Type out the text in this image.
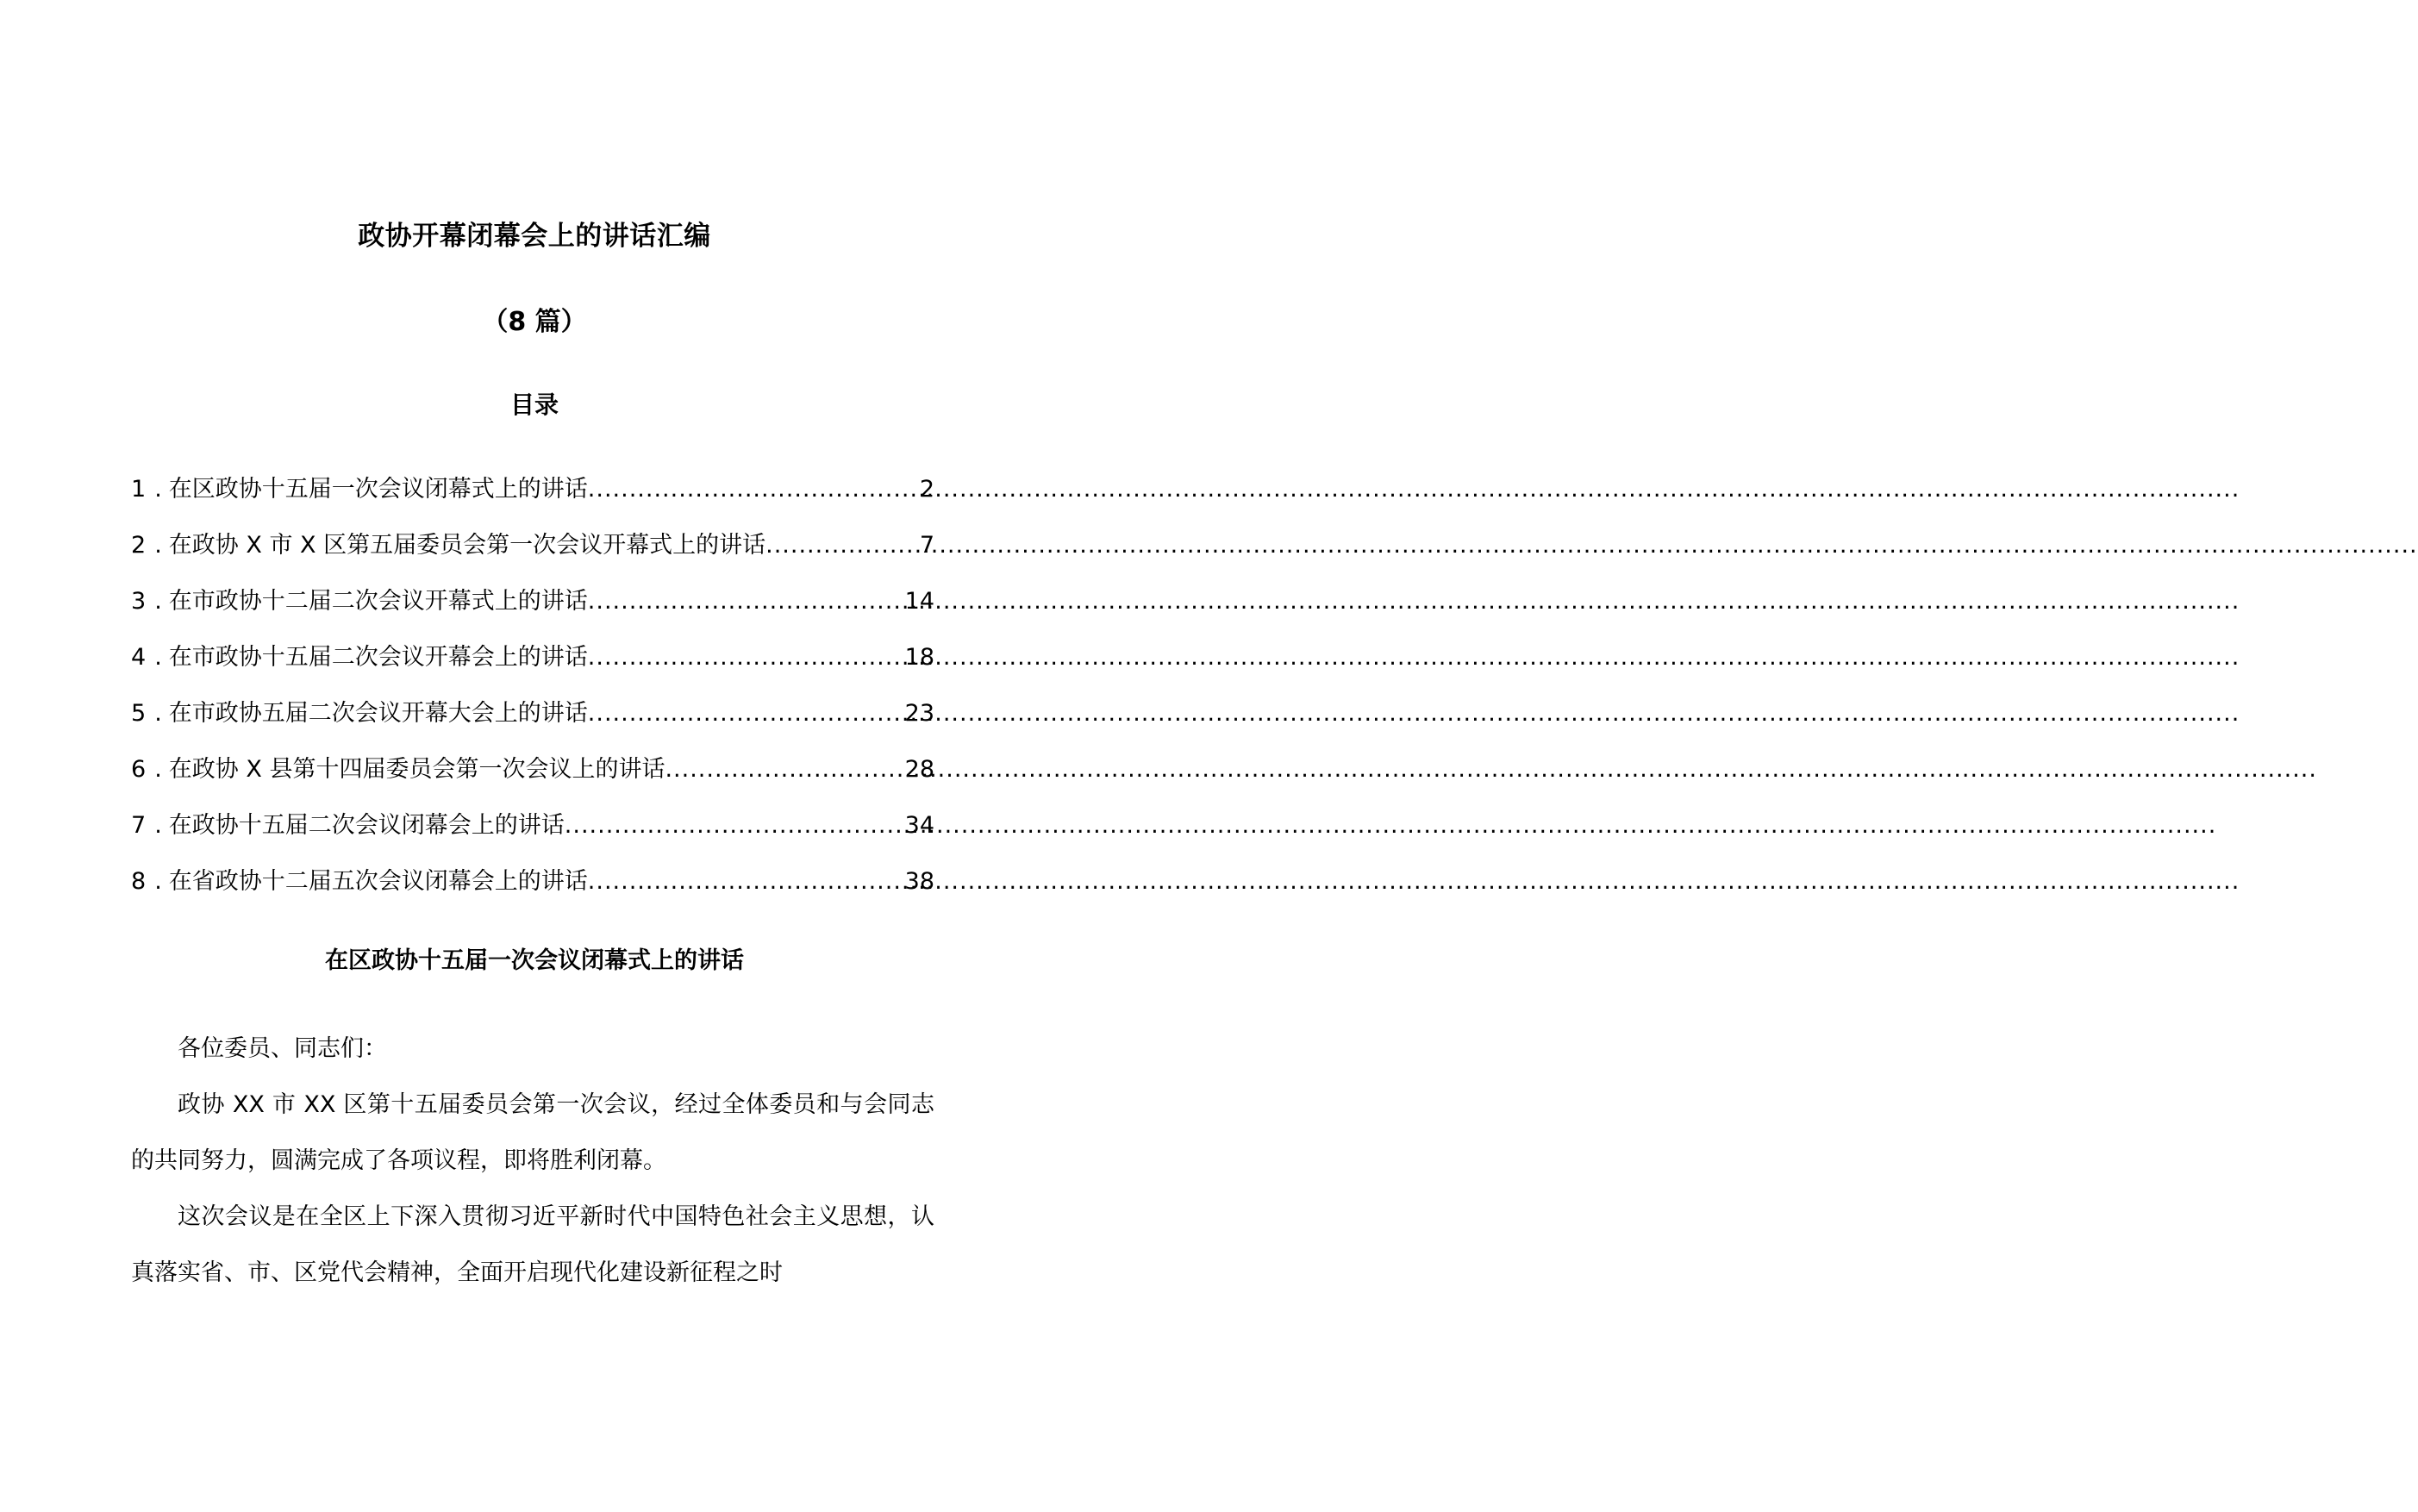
政协开幕闭幕会上的讲话汇编
（8 篇）
目录
1 . 在区政协十五届一次会议闭幕式上的讲话 .....	2
2 . 在政协 X 市 X 区第五届委员会第一次会议开幕式上的讲话 .....	7
3 . 在市政协十二届二次会议开幕式上的讲话 .....	14
4 . 在市政协十五届二次会议开幕会上的讲话 .....	18
5 . 在市政协五届二次会议开幕大会上的讲话 .....	23
6 . 在政协 X 县第十四届委员会第一次会议上的讲话 .....	28
7 . 在政协十五届二次会议闭幕会上的讲话 .....	34
8 . 在省政协十二届五次会议闭幕会上的讲话 .....	38
在区政协十五届一次会议闭幕式上的讲话

各位委员、同志们：

政协 XX 市 XX 区第十五届委员会第一次会议，经过全体委员和与会同志的共同努力，圆满完成了各项议程，即将胜利闭幕。

这次会议是在全区上下深入贯彻习近平新时代中国特色社会主义思想，认真落实省、市、区党代会精神，全面开启现代化建设新征程之时
